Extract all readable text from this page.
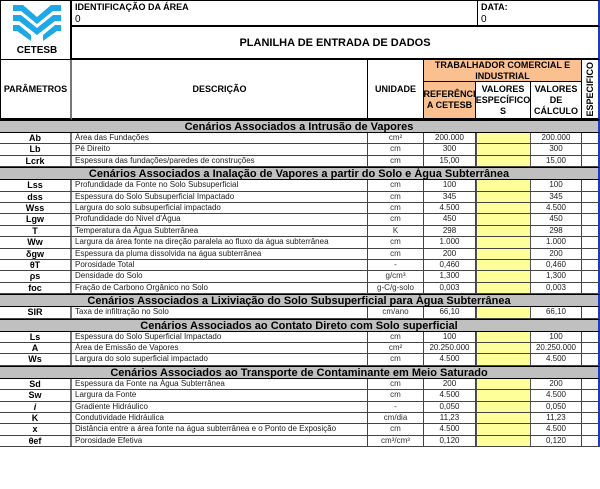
CETESB
IDENTIFICAÇÃO DA ÁREA
0
DATA:
0
PLANILHA DE ENTRADA DE DADOS
PARÂMETROS	DESCRIÇÃO	UNIDADE
TRABALHADOR COMERCIAL E INDUSTRIAL
REFERÊNCI A CETESB
VALORES ESPECÍFICO S
VALORES DE CÁLCULO ESPECIFICO
Cenários Associados a Intrusão de Vapores
Ab	Área das Fundações	cm²	200.000	200.000
Lb	Pé Direito	cm	300	300
Lcrk	Espessura das fundações/paredes de construções	cm	15,00	15,00
Cenários Associados a Inalação de Vapores a partir do Solo e Água Subterrânea
Lss	Profundidade da Fonte no Solo Subsuperficial	cm	100	100
dss	Espessura do Solo Subsuperficial Impactado	cm	345	345
Wss	Largura do solo subsuperficial impactado	cm	4.500	4.500
Lgw	Profundidade do Nivel d'Água	cm	450	450
T	Temperatura da Água Subterrânea	K	298	298
Ww	Largura da área fonte na direção paralela ao fluxo da água subterrânea	cm	1.000	1.000
δgw	Espessura da pluma dissolvida na água subterrânea	cm	200	200
θT	Porosidade Total	-	0,460	0,460
ρs	Densidade do Solo	g/cm³	1,300	1,300
foc	Fração de Carbono Orgânico no Solo	g-C/g-solo	0,003	0,003
Cenários Associados a Lixiviação do Solo Subsuperficial para Água Subterrânea
SIR	Taxa de infiltração no Solo	cm/ano	66,10	66,10
Cenários Associados ao Contato Direto com Solo superficial
Ls	Espessura do Solo Superficial Impactado	cm	100	100
A	Área de Emissão de Vapores	cm²	20.250.000	20.250.000
Ws	Largura do solo superficial impactado	cm	4.500	4.500
Cenários Associados ao Transporte de Contaminante em Meio Saturado
Sd	Espessura da Fonte na Água Subterrânea	cm	200	200
Sw	Largura da Fonte	cm	4.500	4.500
i	Gradiente Hidráulico	-	0,050	0,050
K	Condutividade Hidráulica	cm/dia	11,23	11,23
x	Distância entre a área fonte na água subterrânea e o Ponto de Exposição	cm	4.500	4.500
θef	Porosidade Efetiva	cm³/cm³	0,120	0,120
